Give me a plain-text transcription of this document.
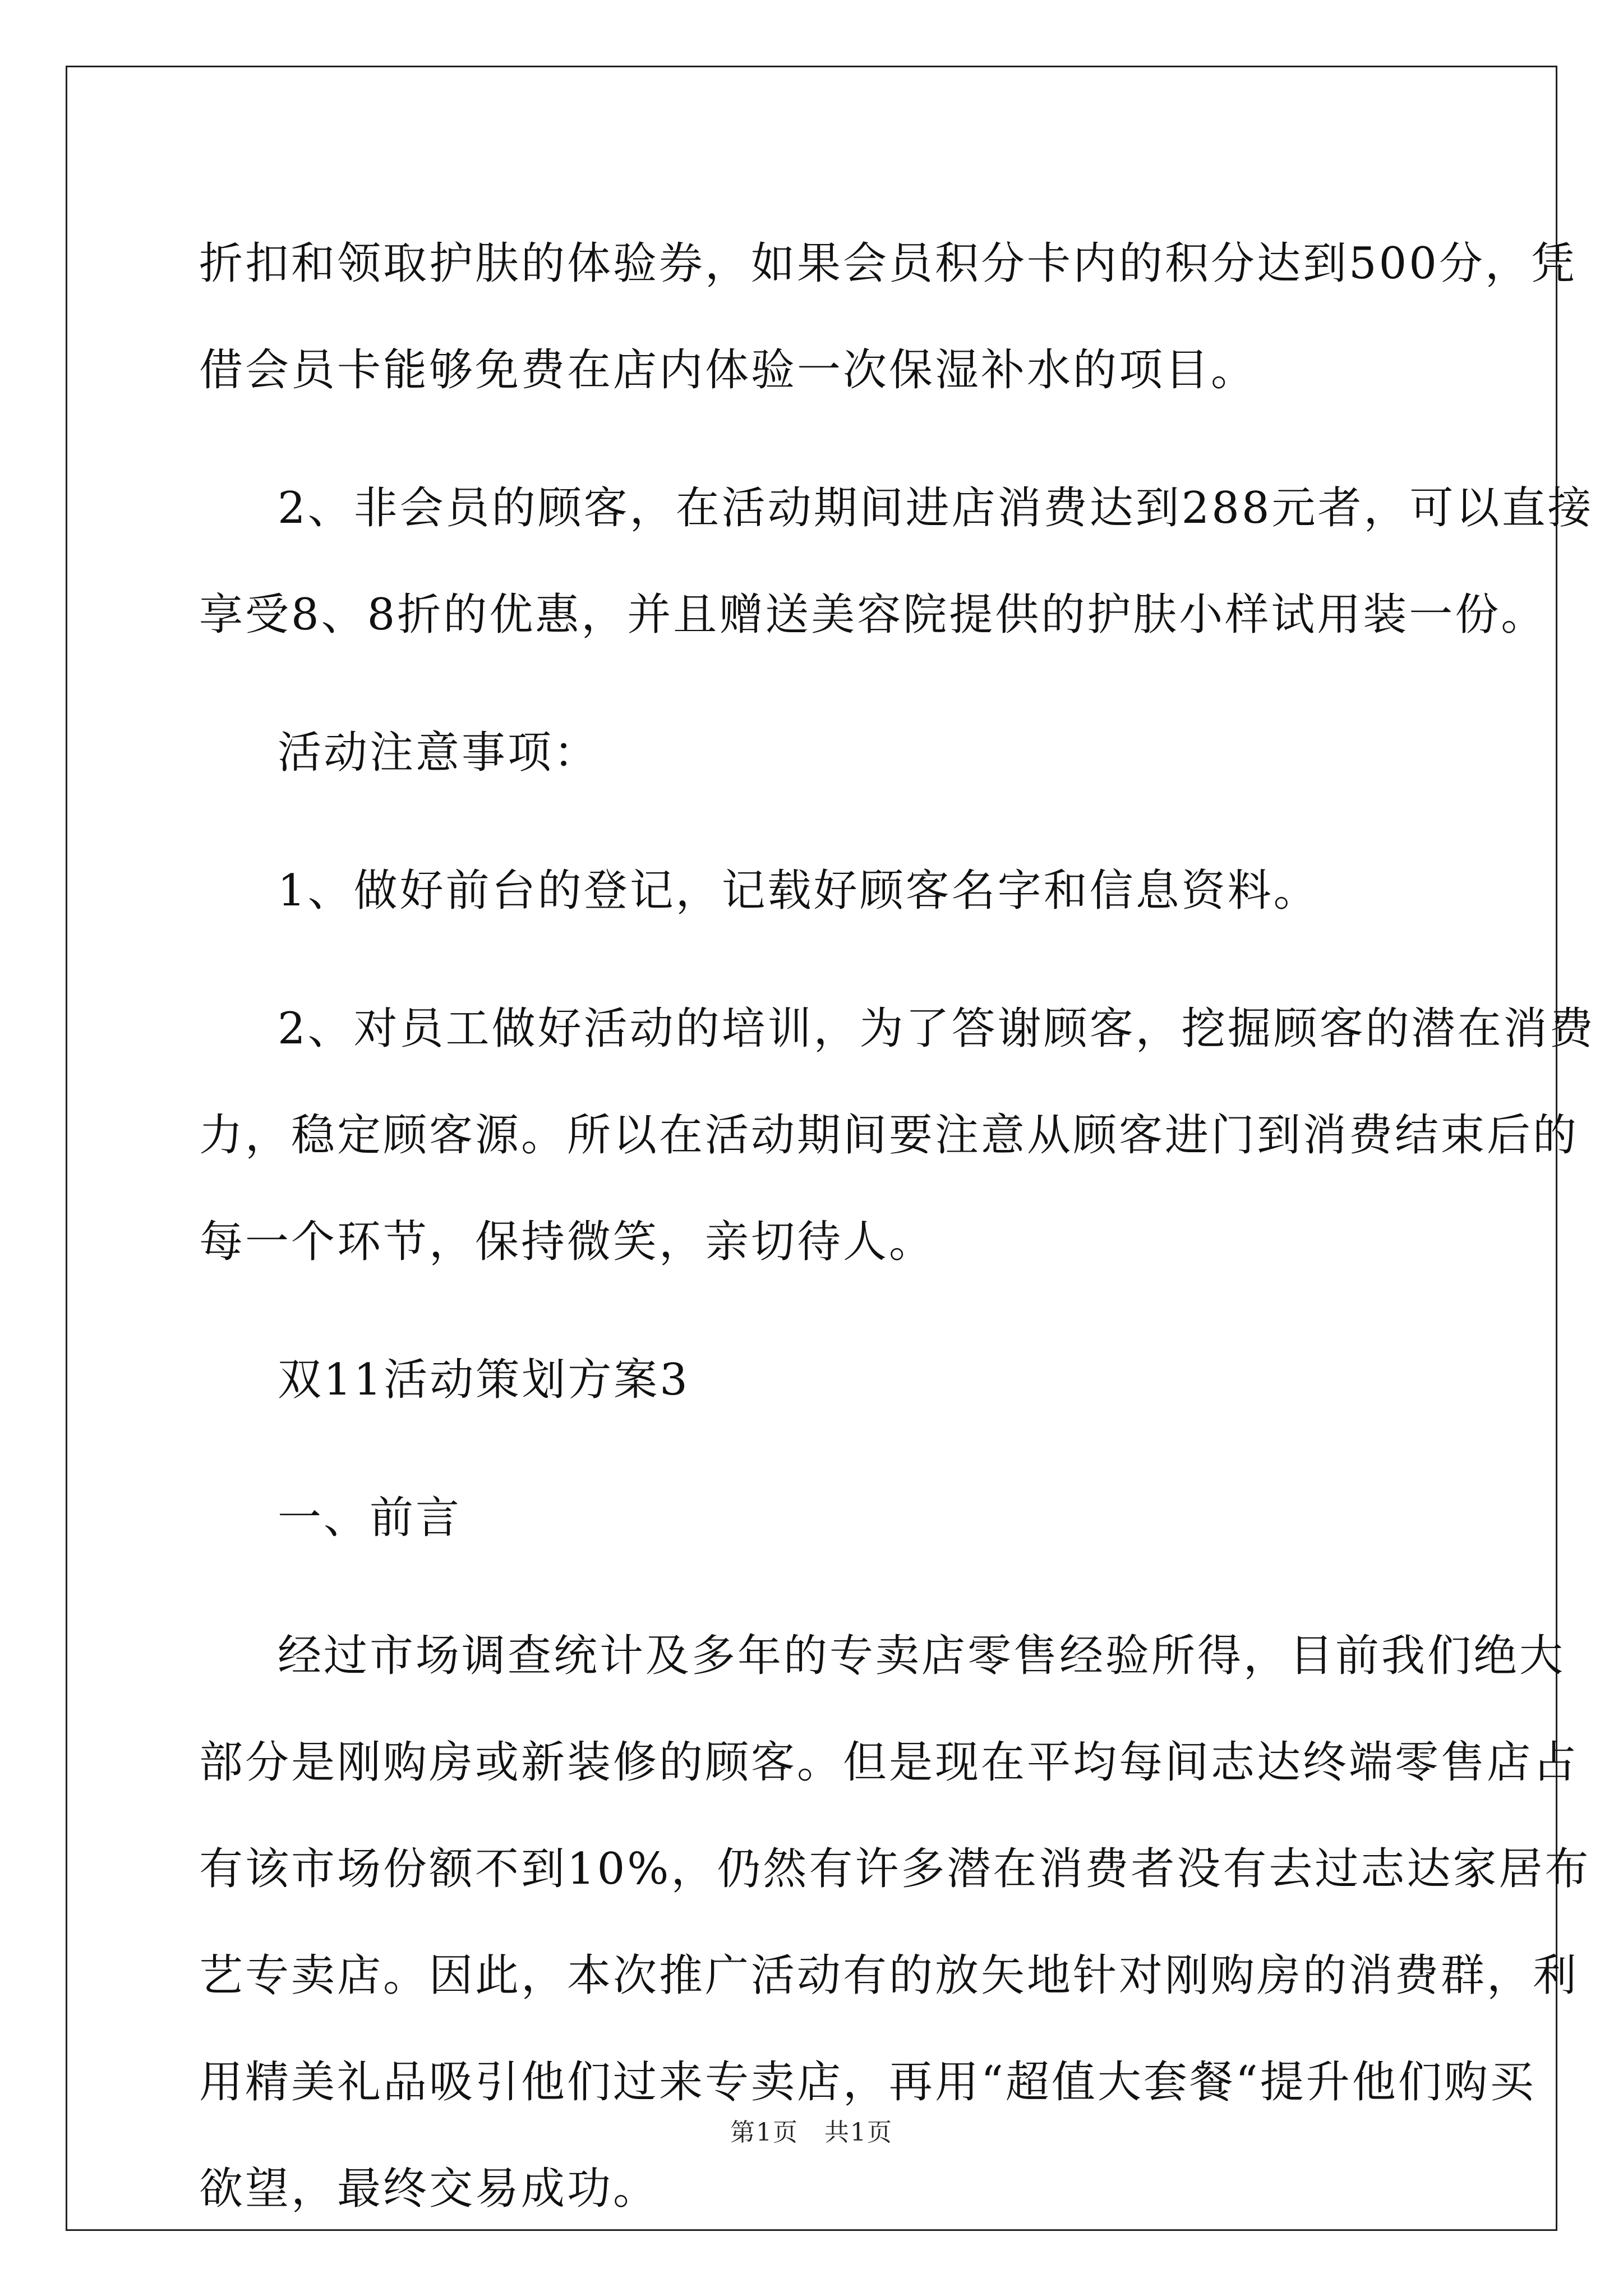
折扣和领取护肤的体验券，如果会员积分卡内的积分达到500分，凭
借会员卡能够免费在店内体验一次保湿补水的项目。

2、非会员的顾客，在活动期间进店消费达到288元者，可以直接
享受8、8折的优惠，并且赠送美容院提供的护肤小样试用装一份。

活动注意事项：

1、做好前台的登记，记载好顾客名字和信息资料。

2、对员工做好活动的培训，为了答谢顾客，挖掘顾客的潜在消费
力，稳定顾客源。所以在活动期间要注意从顾客进门到消费结束后的
每一个环节，保持微笑，亲切待人。

双11活动策划方案3

一、前言

经过市场调查统计及多年的专卖店零售经验所得，目前我们绝大
部分是刚购房或新装修的顾客。但是现在平均每间志达终端零售店占
有该市场份额不到10%，仍然有许多潜在消费者没有去过志达家居布
艺专卖店。因此，本次推广活动有的放矢地针对刚购房的消费群，利
用精美礼品吸引他们过来专卖店，再用“超值大套餐“提升他们购买
欲望，最终交易成功。

第1页　共1页
